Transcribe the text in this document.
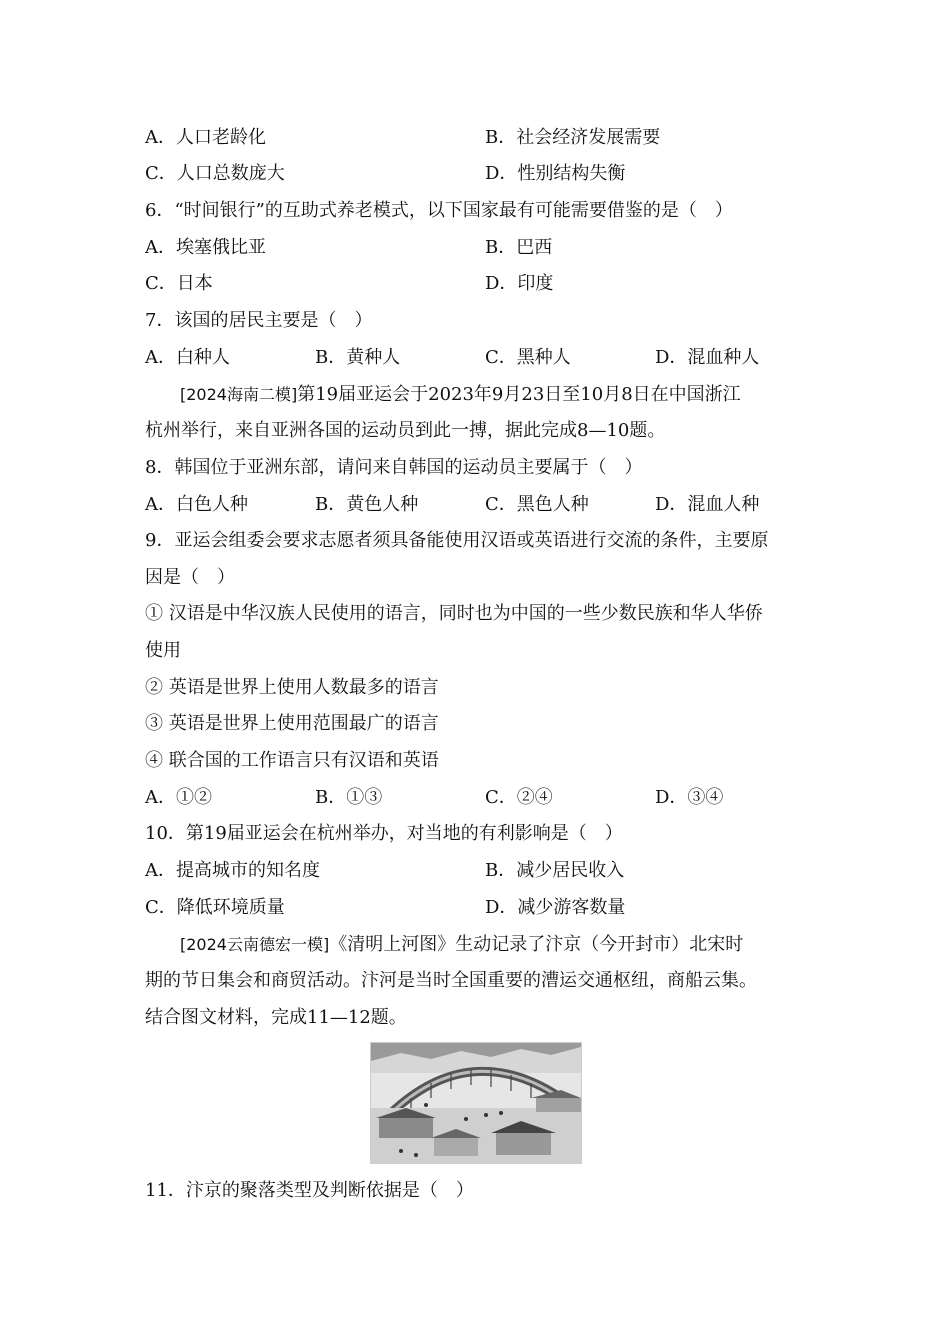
A．人口老龄化	B．社会经济发展需要
C．人口总数庞大	D．性别结构失衡
6．“时间银行”的互助式养老模式，以下国家最有可能需要借鉴的是（　）
A．埃塞俄比亚	B．巴西
C．日本	D．印度
7．该国的居民主要是（　）
A．白种人	B．黄种人	C．黑种人	D．混血种人
[2024海南二模]第19届亚运会于2023年9月23日至10月8日在中国浙江
杭州举行，来自亚洲各国的运动员到此一搏，据此完成8—10题。
8．韩国位于亚洲东部，请问来自韩国的运动员主要属于（　）
A．白色人种	B．黄色人种	C．黑色人种	D．混血人种
9．亚运会组委会要求志愿者须具备能使用汉语或英语进行交流的条件，主要原
因是（　）
① 汉语是中华汉族人民使用的语言，同时也为中国的一些少数民族和华人华侨
使用
② 英语是世界上使用人数最多的语言
③ 英语是世界上使用范围最广的语言
④ 联合国的工作语言只有汉语和英语
A．①②	B．①③	C．②④	D．③④
10．第19届亚运会在杭州举办，对当地的有利影响是（　）
A．提高城市的知名度	B．减少居民收入
C．降低环境质量	D．减少游客数量
[2024云南德宏一模]《清明上河图》生动记录了汴京（今开封市）北宋时
期的节日集会和商贸活动。汴河是当时全国重要的漕运交通枢纽，商船云集。
结合图文材料，完成11—12题。
11．汴京的聚落类型及判断依据是（　）
